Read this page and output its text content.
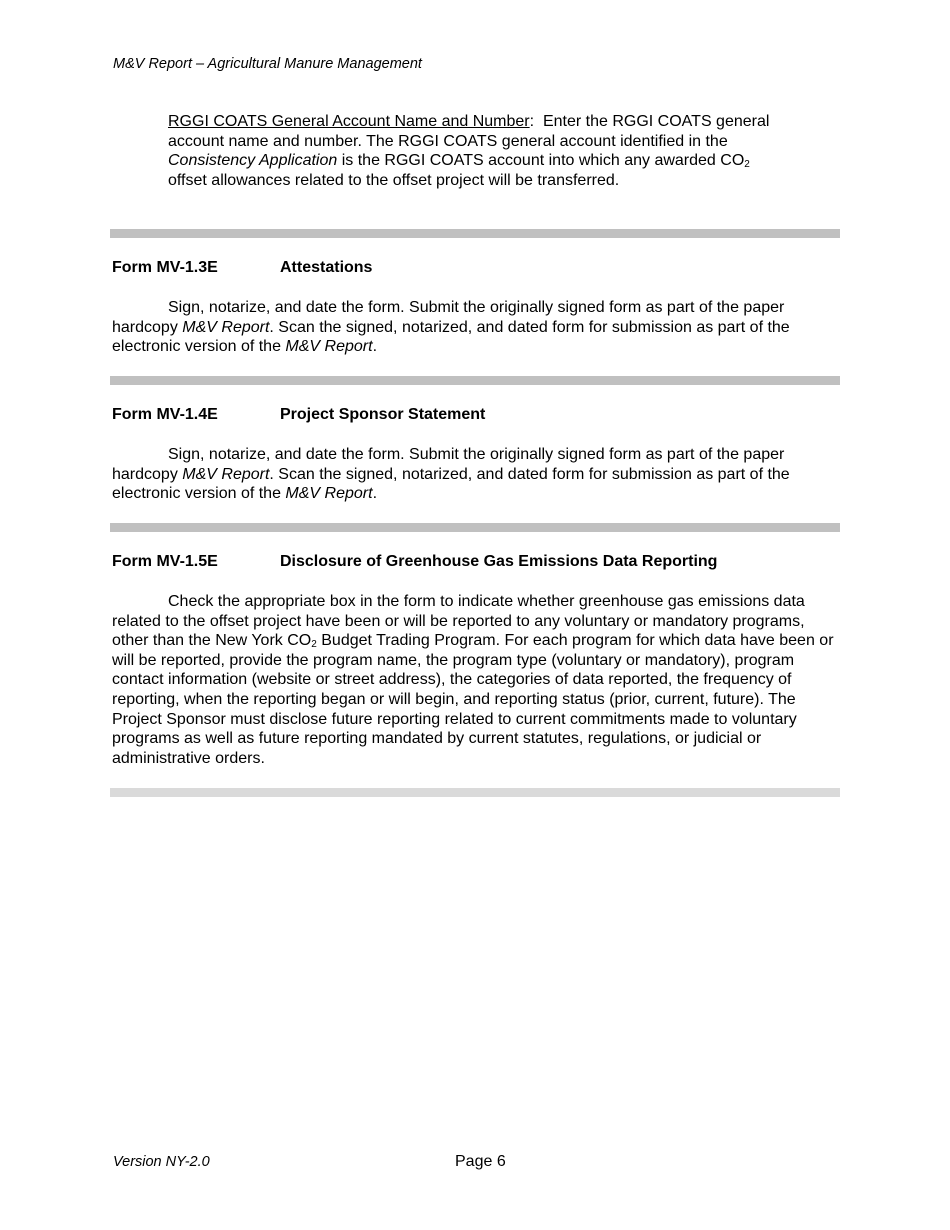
M&V Report – Agricultural Manure Management

RGGI COATS General Account Name and Number:  Enter the RGGI COATS general account name and number. The RGGI COATS general account identified in the Consistency Application is the RGGI COATS account into which any awarded $CO_2$ offset allowances related to the offset project will be transferred.

Form MV-1.3E	Attestations

Sign, notarize, and date the form. Submit the originally signed form as part of the paper hardcopy M&V Report. Scan the signed, notarized, and dated form for submission as part of the electronic version of the M&V Report.

Form MV-1.4E	Project Sponsor Statement

Sign, notarize, and date the form. Submit the originally signed form as part of the paper hardcopy M&V Report. Scan the signed, notarized, and dated form for submission as part of the electronic version of the M&V Report.

Form MV-1.5E	Disclosure of Greenhouse Gas Emissions Data Reporting

Check the appropriate box in the form to indicate whether greenhouse gas emissions data related to the offset project have been or will be reported to any voluntary or mandatory programs, other than the New York $CO_2$ Budget Trading Program. For each program for which data have been or will be reported, provide the program name, the program type (voluntary or mandatory), program contact information (website or street address), the categories of data reported, the frequency of reporting, when the reporting began or will begin, and reporting status (prior, current, future). The Project Sponsor must disclose future reporting related to current commitments made to voluntary programs as well as future reporting mandated by current statutes, regulations, or judicial or administrative orders.

Version NY-2.0	Page 6
